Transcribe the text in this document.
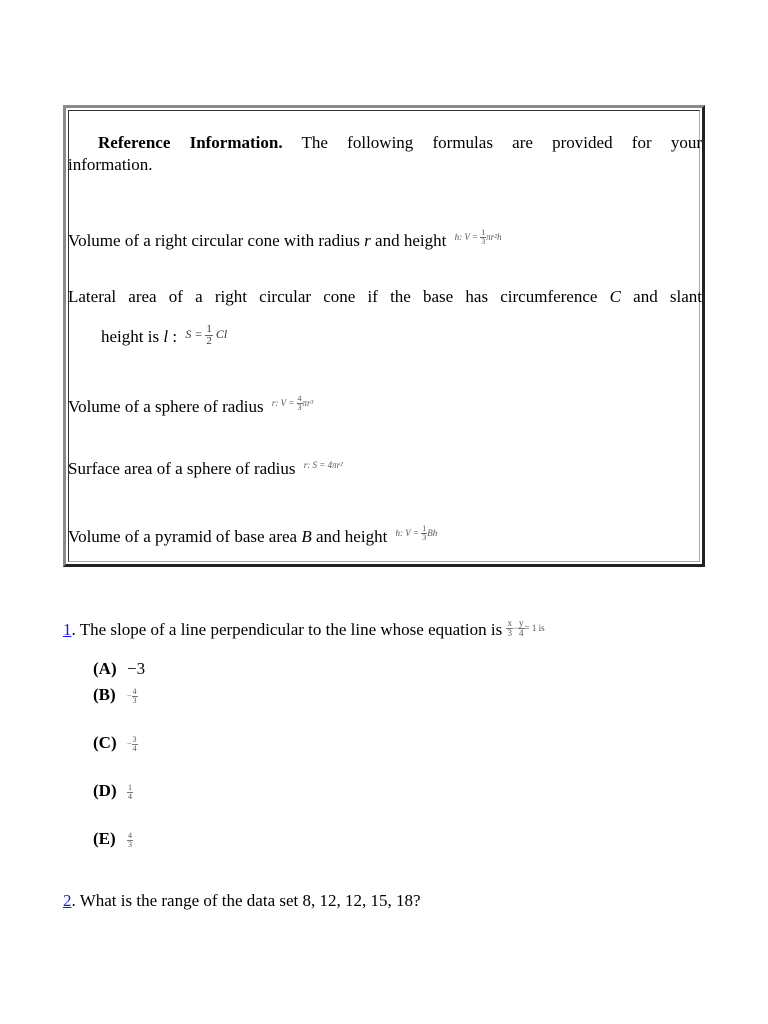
Reference Information. The following formulas are provided for your
information.
Volume of a right circular cone with radius r and height $^{h: V = \frac{1}{3} \pi r^2h}$
Lateral area of a right circular cone if the base has circumference C and slant
height is l : $^{S = \frac{1}{2} Cl}$
Volume of a sphere of radius $^{r: V = \frac{4}{3} \pi r^3}$
Surface area of a sphere of radius $^{r: S = 4\pi r^2}$
Volume of a pyramid of base area B and height $^{h: V = \frac{1}{3} Bh}$
1. The slope of a line perpendicular to the line whose equation is $\frac{x}{3} - \frac{y}{4} = 1$ is
(A) −3
$(B) - \frac{4}{3}$
$(C) - \frac{3}{4}$
$(D) \frac{1}{4}$
$(E) \frac{4}{3}$
2. What is the range of the data set 8, 12, 12, 15, 18?
